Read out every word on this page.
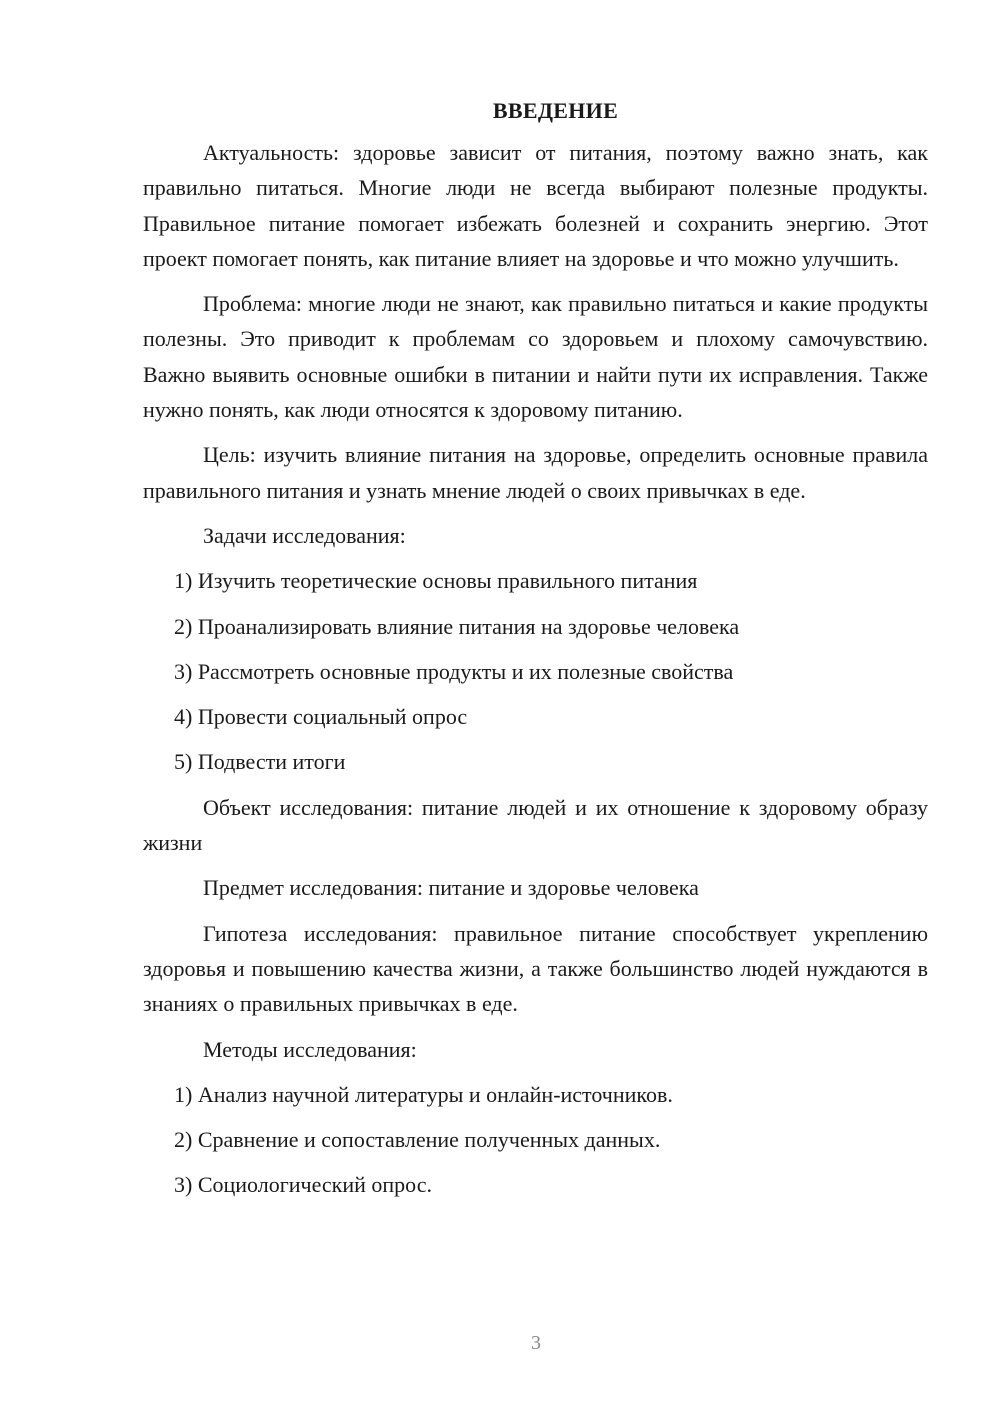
ВВЕДЕНИЕ

Актуальность: здоровье зависит от питания, поэтому важно знать, как правильно питаться. Многие люди не всегда выбирают полезные продукты. Правильное питание помогает избежать болезней и сохранить энергию. Этот проект помогает понять, как питание влияет на здоровье и что можно улучшить.

Проблема: многие люди не знают, как правильно питаться и какие продукты полезны. Это приводит к проблемам со здоровьем и плохому самочувствию. Важно выявить основные ошибки в питании и найти пути их исправления. Также нужно понять, как люди относятся к здоровому питанию.

Цель: изучить влияние питания на здоровье, определить основные правила правильного питания и узнать мнение людей о своих привычках в еде.

Задачи исследования:

1) Изучить теоретические основы правильного питания
2) Проанализировать влияние питания на здоровье человека
3) Рассмотреть основные продукты и их полезные свойства
4) Провести социальный опрос
5) Подвести итоги

Объект исследования: питание людей и их отношение к здоровому образу жизни

Предмет исследования: питание и здоровье человека

Гипотеза исследования: правильное питание способствует укреплению здоровья и повышению качества жизни, а также большинство людей нуждаются в знаниях о правильных привычках в еде.

Методы исследования:

1) Анализ научной литературы и онлайн-источников.
2) Сравнение и сопоставление полученных данных.
3) Социологический опрос.
3
